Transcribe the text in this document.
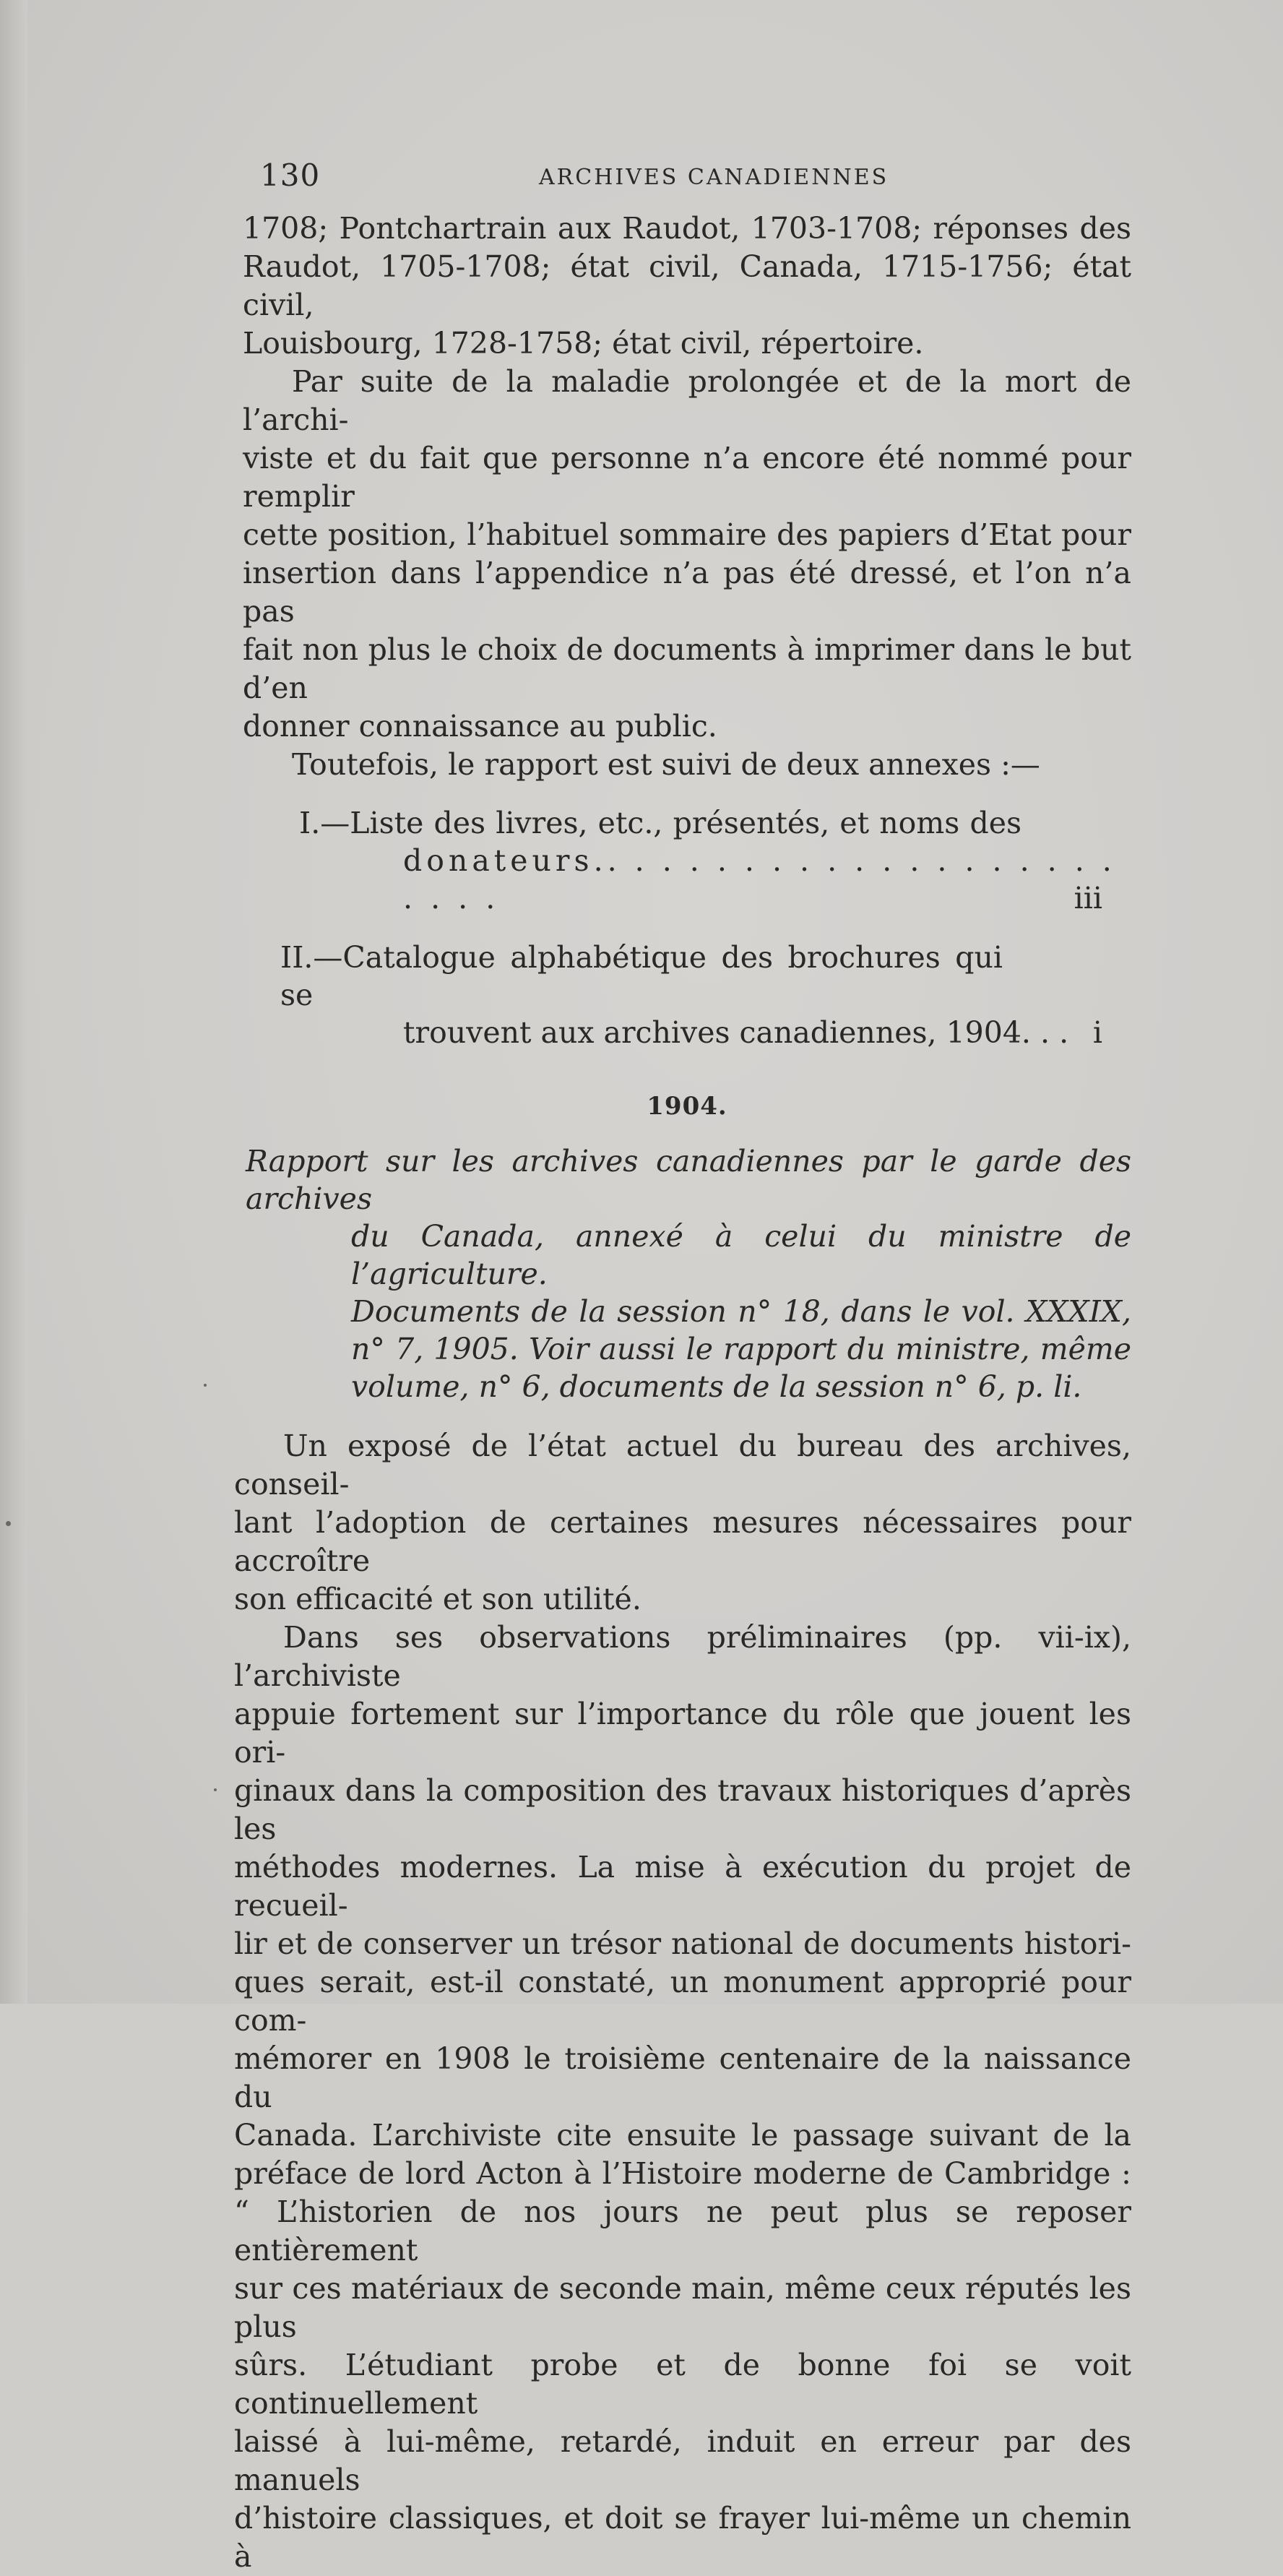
130	ARCHIVES CANADIENNES

1708; Pontchartrain aux Raudot, 1703-1708; réponses des

Raudot, 1705-1708; état civil, Canada, 1715-1756; état civil,

Louisbourg, 1728-1758; état civil, répertoire.

Par suite de la maladie prolongée et de la mort de l’archi-

viste et du fait que personne n’a encore été nommé pour remplir

cette position, l’habituel sommaire des papiers d’Etat pour

insertion dans l’appendice n’a pas été dressé, et l’on n’a pas

fait non plus le choix de documents à imprimer dans le but d’en

donner connaissance au public.

Toutefois, le rapport est suivi de deux annexes :—

I.—Liste des livres, etc., présentés, et noms des
donateurs.. . . . . . . . . . . . . . . . . . . . . . .	iii
II.—Catalogue alphabétique des brochures qui se
trouvent aux archives canadiennes, 1904. . . i
1904.
Rapport sur les archives canadiennes par le garde des archives
du Canada, annexé à celui du ministre de l’agriculture.
Documents de la session n° 18, dans le vol. XXXIX,
n° 7, 1905. Voir aussi le rapport du ministre, même
volume, n° 6, documents de la session n° 6, p. li.

Un exposé de l’état actuel du bureau des archives, conseil-

lant l’adoption de certaines mesures nécessaires pour accroître

son efficacité et son utilité.

Dans ses observations préliminaires (pp. vii-ix), l’archiviste

appuie fortement sur l’importance du rôle que jouent les ori-

ginaux dans la composition des travaux historiques d’après les

méthodes modernes. La mise à exécution du projet de recueil-

lir et de conserver un trésor national de documents histori-

ques serait, est-il constaté, un monument approprié pour com-

mémorer en 1908 le troisième centenaire de la naissance du

Canada. L’archiviste cite ensuite le passage suivant de la

préface de lord Acton à l’Histoire moderne de Cambridge :

“ L’historien de nos jours ne peut plus se reposer entièrement

sur ces matériaux de seconde main, même ceux réputés les plus

sûrs. L’étudiant probe et de bonne foi se voit continuellement

laissé à lui-même, retardé, induit en erreur par des manuels

d’histoire classiques, et doit se frayer lui-même un chemin à
